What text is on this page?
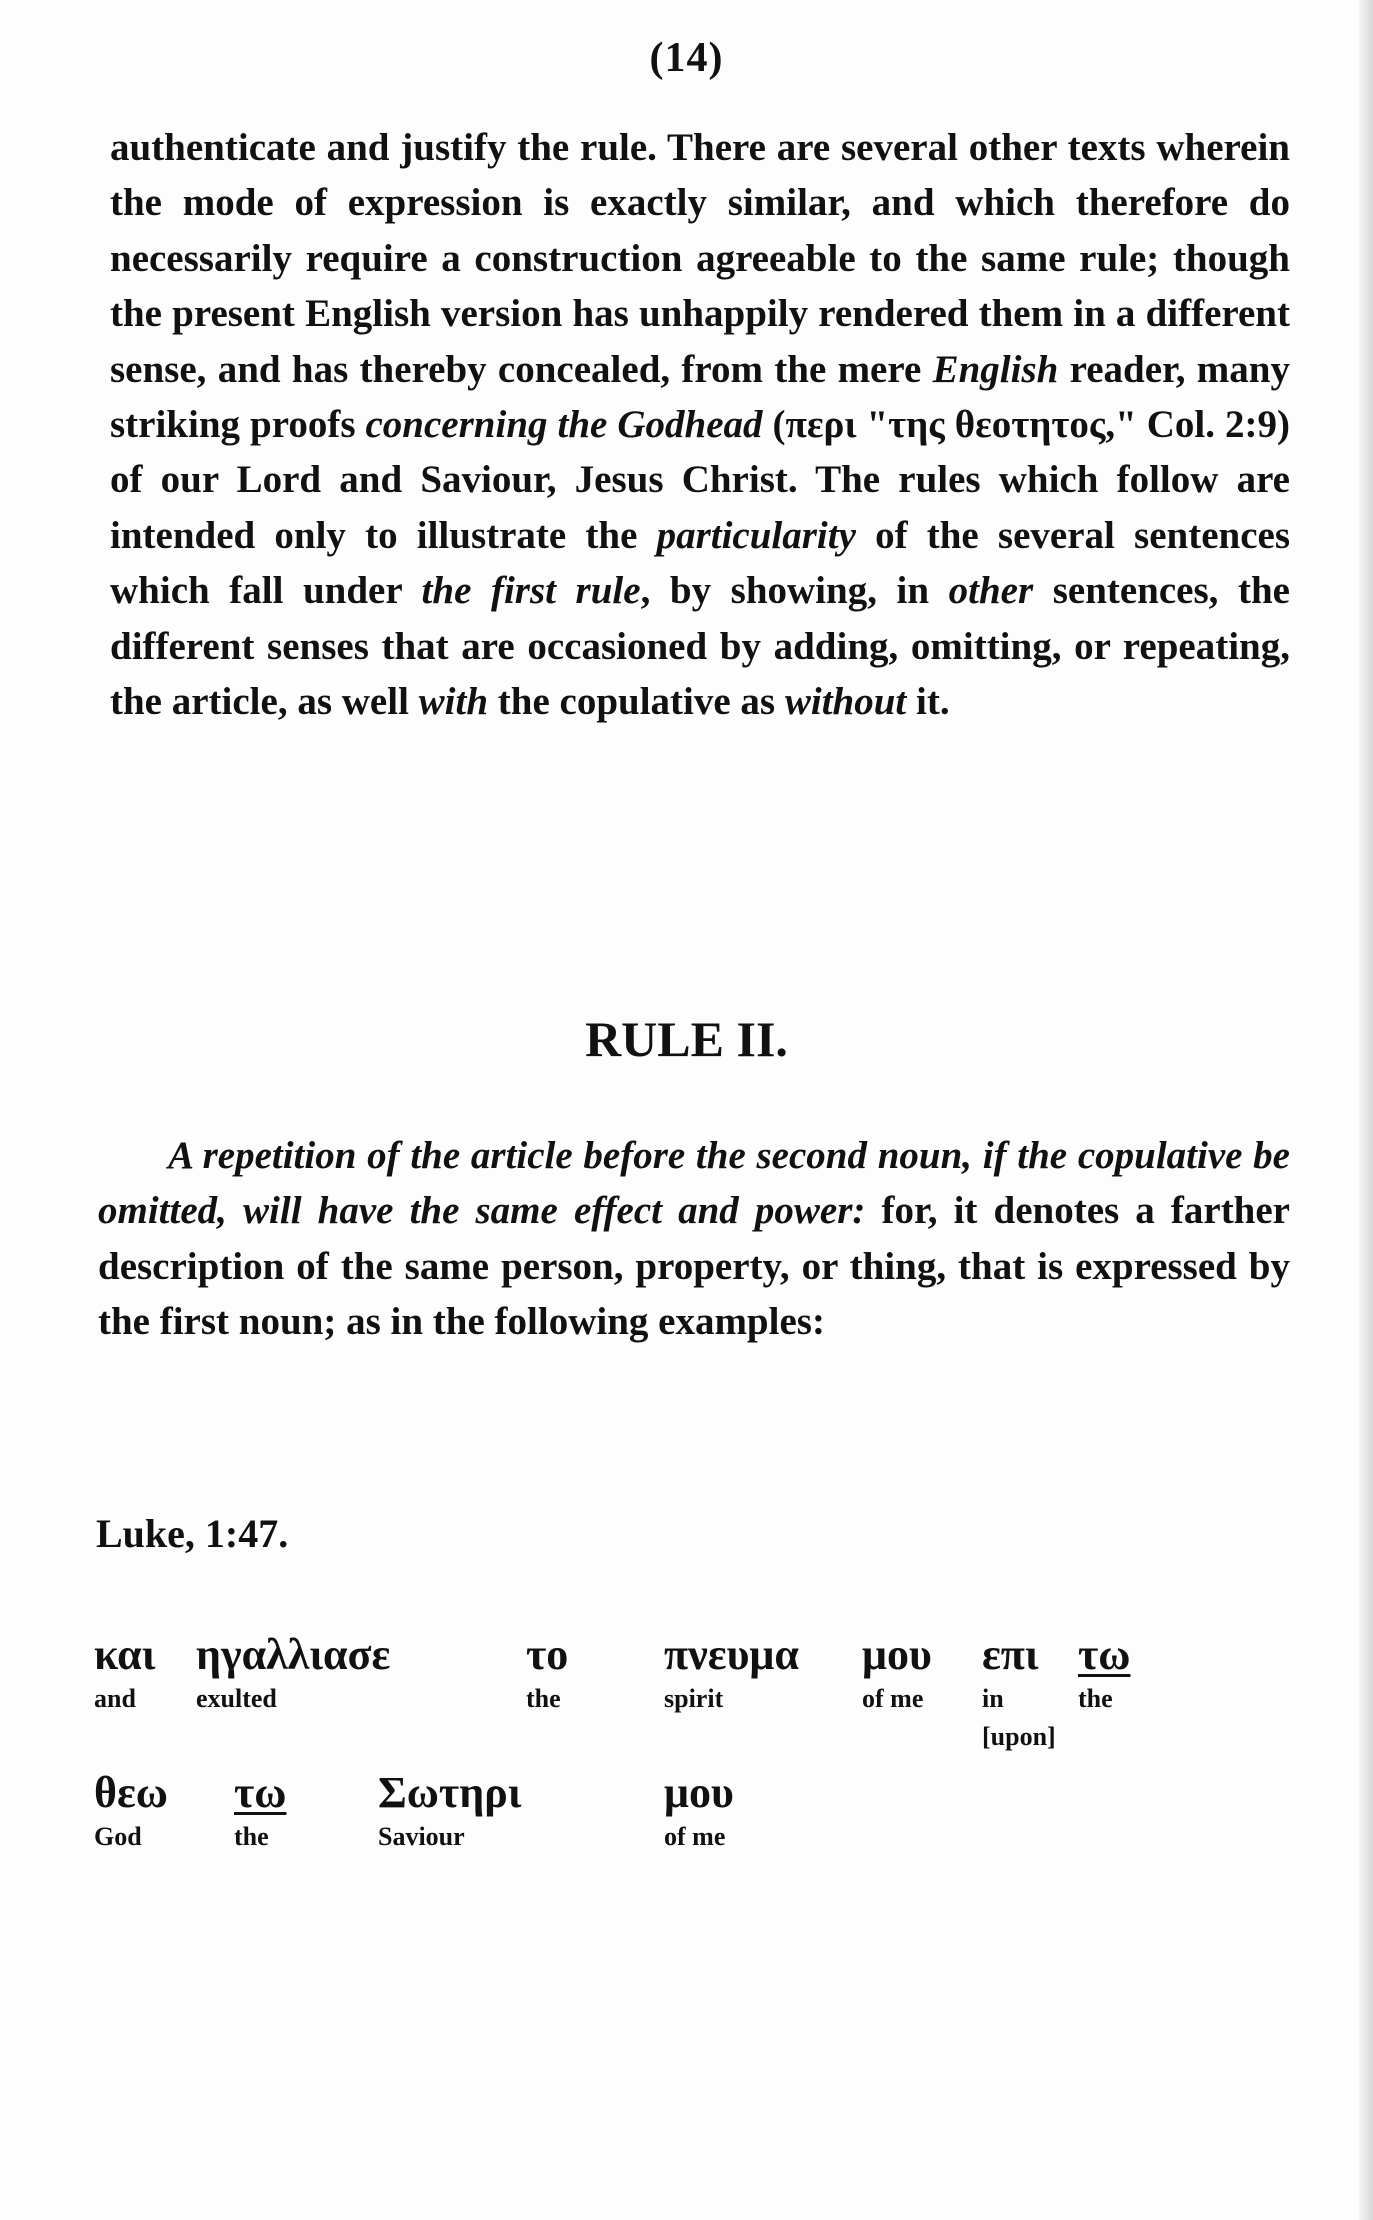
(14)
authenticate and justify the rule. There are several other texts wherein the mode of expression is exactly similar, and which therefore do necessarily require a construction agreeable to the same rule; though the present English version has unhappily rendered them in a different sense, and has thereby concealed, from the mere English reader, many striking proofs concerning the Godhead (περι "της θεοτητος," Col. 2:9) of our Lord and Saviour, Jesus Christ. The rules which follow are intended only to illustrate the particularity of the several sentences which fall under the first rule, by showing, in other sentences, the different senses that are occasioned by adding, omitting, or repeating, the article, as well with the copulative as without it.
RULE II.
A repetition of the article before the second noun, if the copulative be omitted, will have the same effect and power: for, it denotes a farther description of the same person, property, or thing, that is expressed by the first noun; as in the following examples:
Luke, 1:47.
και
and
ηγαλλιασε
exulted
το
the
πνευμα
spirit
μου
of me
επι
in
[upon]
τω
the
θεω
God
τω
the
Σωτηρι
Saviour
μου
of me
